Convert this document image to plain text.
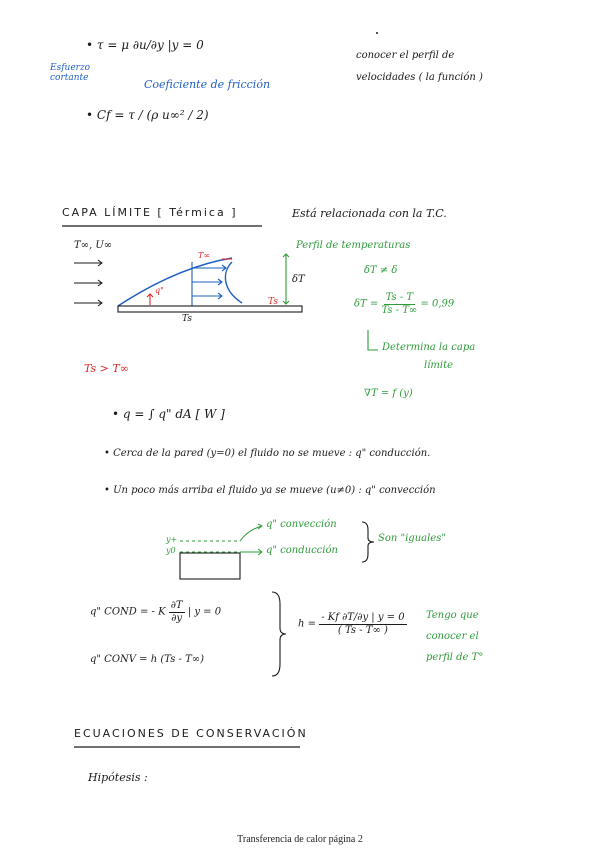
• τ = μ ∂u/∂y |y = 0
Esfuerzo cortante	Coeficiente de fricción
• Cf = τ / (ρ u∞² / 2)
conocer el perfil de
velocidades ( la función )
CAPA LÍMITE [ Térmica ]	Está relacionada con la T.C.
T∞, U∞
T∞
Ts
q"
Ts
δT
Perfil de temperaturas
δT ≠ δ
$\delta T = \frac{Ts - T}{Ts - T\infty} = 0,99$
Determina la capa
límite
∇T = f (y)
Ts > T∞
• q = ∫ q" dA [ W ]
• Cerca de la pared (y=0) el fluido no se mueve : q" conducción.
• Un poco más arriba el fluido ya se mueve (u≠0) : q" convección
y+
y0
q" convección
q" conducción
Son "iguales"
q" COND = - K $\frac{\partial T}{\partial y}$ | y = 0
q" CONV = h (Ts - T∞)
$h = \frac{- Kf \partial T/\partial y | y = 0}{( Ts - T\infty )}$ Tengo que
conocer el
perfil de T°
ECUACIONES DE CONSERVACIÓN
Hipótesis :
Transferencia de calor página 2
